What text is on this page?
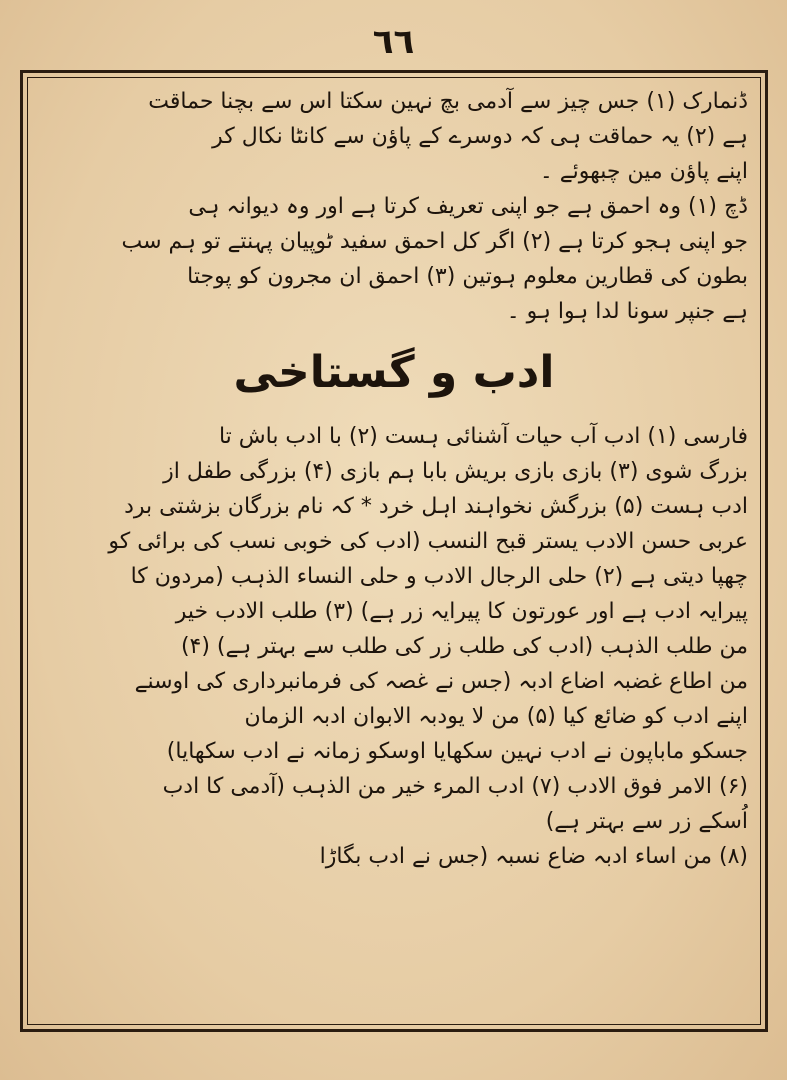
٦٦
ڈنمارک (۱) جس چیز سے آدمی بچ نہین سکتا اس سے بچنا حماقت
ہے (۲) یہ حماقت ہی کہ دوسرے کے پاؤن سے کانٹا نکال کر
اپنے پاؤن مین چبھوئے ۔
ڈچ (۱) وہ احمق ہے جو اپنی تعریف کرتا ہے اور وہ دیوانہ ہی
جو اپنی ہجو کرتا ہے (۲) اگر کل احمق سفید ٹوپیان پہنتے تو ہم سب
بطون کی قطارین معلوم ہوتین (۳) احمق ان مجرون کو پوجتا
ہے جنپر سونا لدا ہوا ہو ۔
ادب و گستاخی
فارسی (۱) ادب آب حیات آشنائی ہست (۲) با ادب باش تا
بزرگ شوی (۳) بازی بازی بریش بابا ہم بازی (۴) بزرگی طفل از
ادب ہست (۵) بزرگش نخواہند اہل خرد * کہ نام بزرگان بزشتی برد
عربی حسن الادب یستر قبح النسب (ادب کی خوبی نسب کی برائی کو
چھپا دیتی ہے (۲) حلی الرجال الادب و حلی النساء الذہب (مردون کا
پیرایہ ادب ہے اور عورتون کا پیرایہ زر ہے) (۳) طلب الادب خیر
من طلب الذہب (ادب کی طلب زر کی طلب سے بہتر ہے) (۴)
من اطاع غضبہ اضاع ادبہ (جس نے غصہ کی فرمانبرداری کی اوسنے
اپنے ادب کو ضائع کیا (۵) من لا یودبہ الابوان ادبہ الزمان
جسکو ماباپون نے ادب نہین سکھایا اوسکو زمانہ نے ادب سکھایا)
(۶) الامر فوق الادب (۷) ادب المرء خیر من الذہب (آدمی کا ادب
اُسکے زر سے بہتر ہے)
(۸) من اساء ادبہ ضاع نسبہ (جس نے ادب بگاڑا
